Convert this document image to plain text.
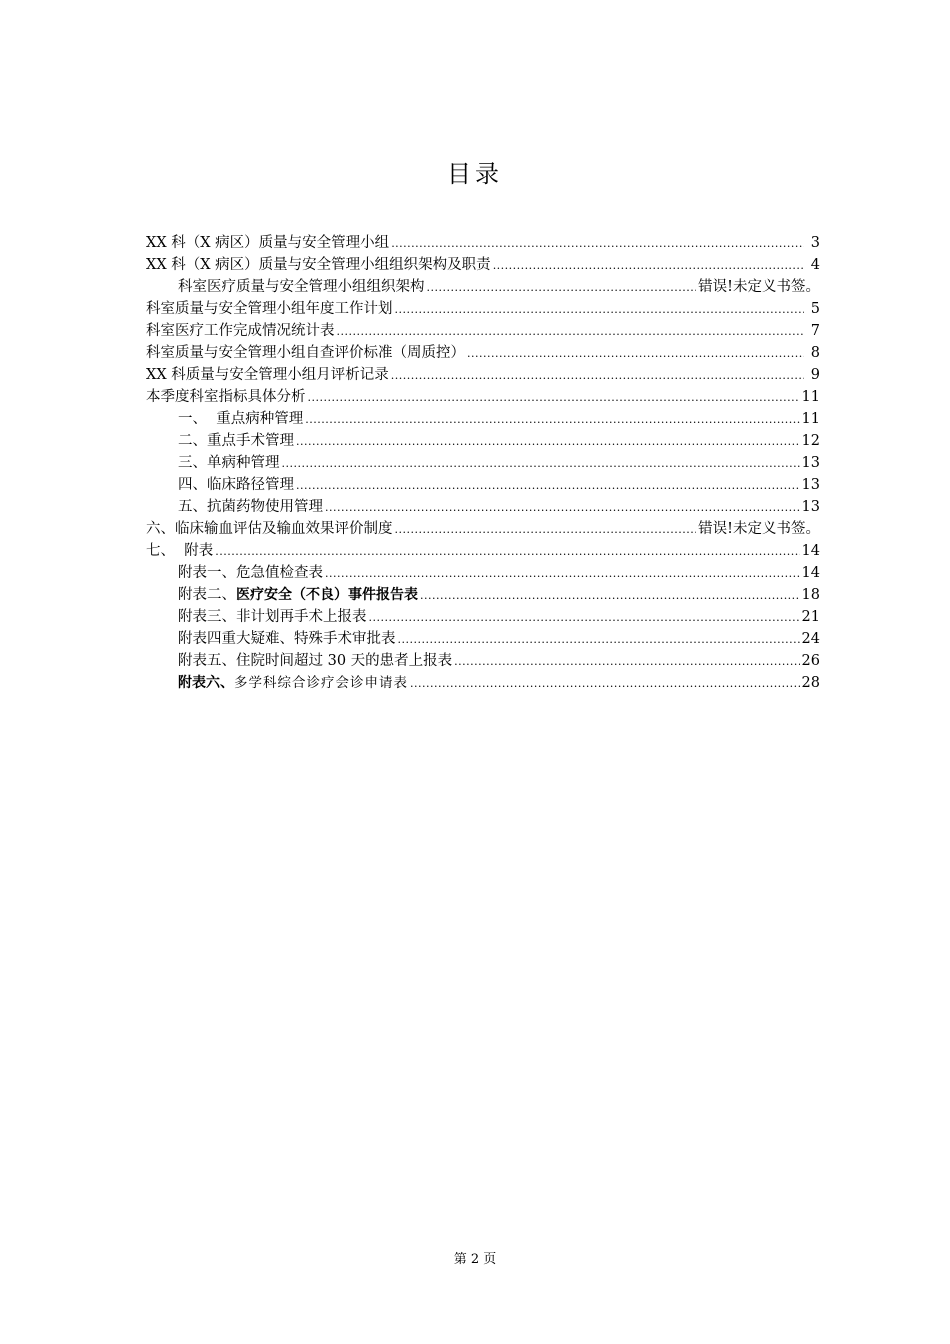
目录
XX 科（X 病区）质量与安全管理小组 .....	3
XX 科（X 病区）质量与安全管理小组组织架构及职责 .....	4
科室医疗质量与安全管理小组组织架构 .....	错误!未定义书签。
科室质量与安全管理小组年度工作计划 .....	5
科室医疗工作完成情况统计表 .....	7
科室质量与安全管理小组自查评价标准（周质控） .....	8
XX 科质量与安全管理小组月评析记录 .....	9
本季度科室指标具体分析 .....	11
一、  重点病种管理 .....	11
二、重点手术管理 .....	12
三、单病种管理 .....	13
四、临床路径管理 .....	13
五、抗菌药物使用管理 .....	13
六、临床输血评估及输血效果评价制度 .....	错误!未定义书签。
七、  附表 .....	14
附表一、危急值检查表 .....	14
附表二、医疗安全（不良）事件报告表 .....	18
附表三、非计划再手术上报表 .....	21
附表四重大疑难、特殊手术审批表 .....	24
附表五、住院时间超过 30 天的患者上报表 .....	26
附表六、多学科综合诊疗会诊申请表 .....	28
第 2 页
